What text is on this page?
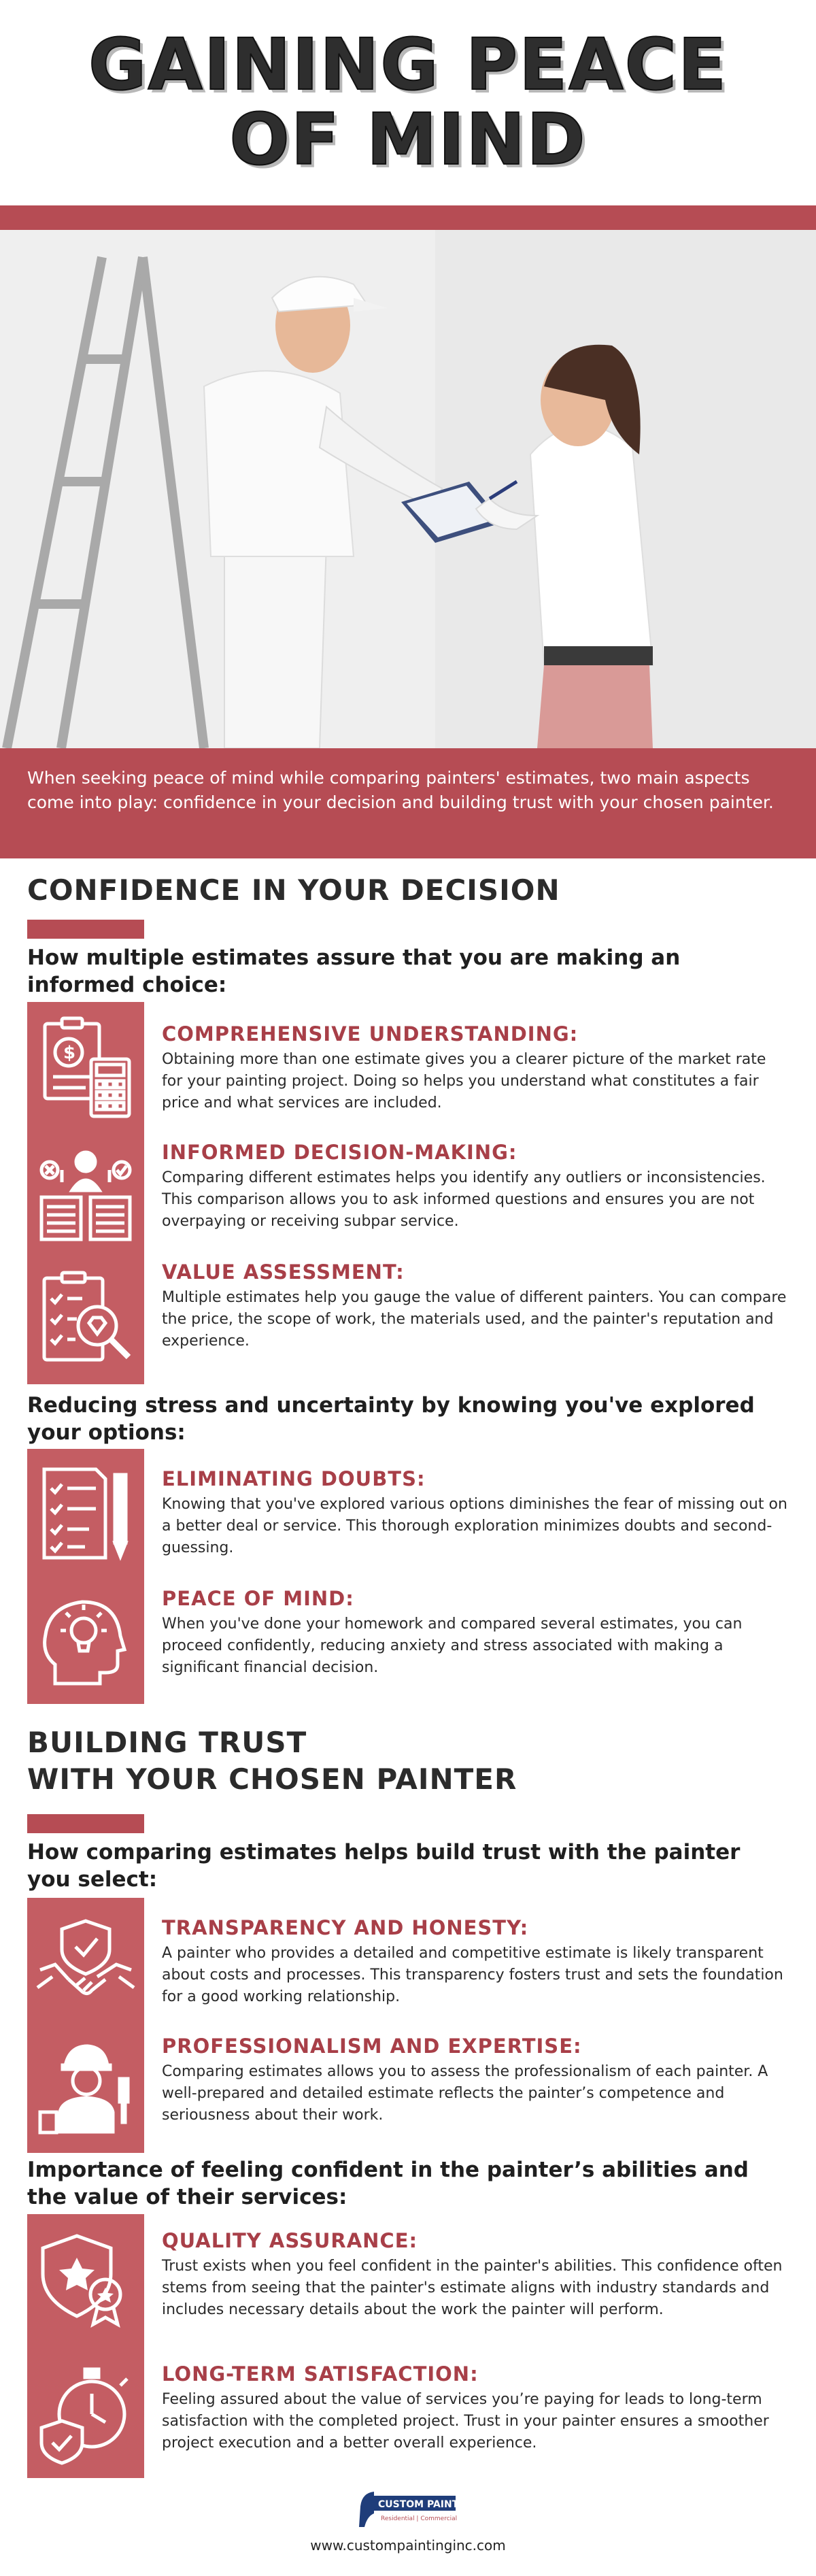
GAINING PEACE
OF MIND

When seeking peace of mind while comparing painters' estimates, two main aspects come into play: confidence in your decision and building trust with your chosen painter.

CONFIDENCE IN YOUR DECISION
How multiple estimates assure that you are making an informed choice:
$
COMPREHENSIVE UNDERSTANDING:

Obtaining more than one estimate gives you a clearer picture of the market rate for your painting project. Doing so helps you understand what constitutes a fair price and what services are included.

INFORMED DECISION-MAKING:

Comparing different estimates helps you identify any outliers or inconsistencies. This comparison allows you to ask informed questions and ensures you are not overpaying or receiving subpar service.

VALUE ASSESSMENT:

Multiple estimates help you gauge the value of different painters. You can compare the price, the scope of work, the materials used, and the painter's reputation and experience.

Reducing stress and uncertainty by knowing you've explored your options:
ELIMINATING DOUBTS:

Knowing that you've explored various options diminishes the fear of missing out on a better deal or service. This thorough exploration minimizes doubts and second-guessing.

PEACE OF MIND:

When you've done your homework and compared several estimates, you can proceed confidently, reducing anxiety and stress associated with making a significant financial decision.

BUILDING TRUST
WITH YOUR CHOSEN PAINTER
How comparing estimates helps build trust with the painter you select:
TRANSPARENCY AND HONESTY:

A painter who provides a detailed and competitive estimate is likely transparent about costs and processes. This transparency fosters trust and sets the foundation for a good working relationship.

PROFESSIONALISM AND EXPERTISE:

Comparing estimates allows you to assess the professionalism of each painter. A well-prepared and detailed estimate reflects the painter’s competence and seriousness about their work.

Importance of feeling confident in the painter’s abilities and the value of their services:
QUALITY ASSURANCE:

Trust exists when you feel confident in the painter's abilities. This confidence often stems from seeing that the painter's estimate aligns with industry standards and includes necessary details about the work the painter will perform.

LONG-TERM SATISFACTION:

Feeling assured about the value of services you’re paying for leads to long-term satisfaction with the completed project. Trust in your painter ensures a smoother project execution and a better overall experience.

CUSTOM PAINTING
Residential | Commercial
www.custompaintinginc.com
